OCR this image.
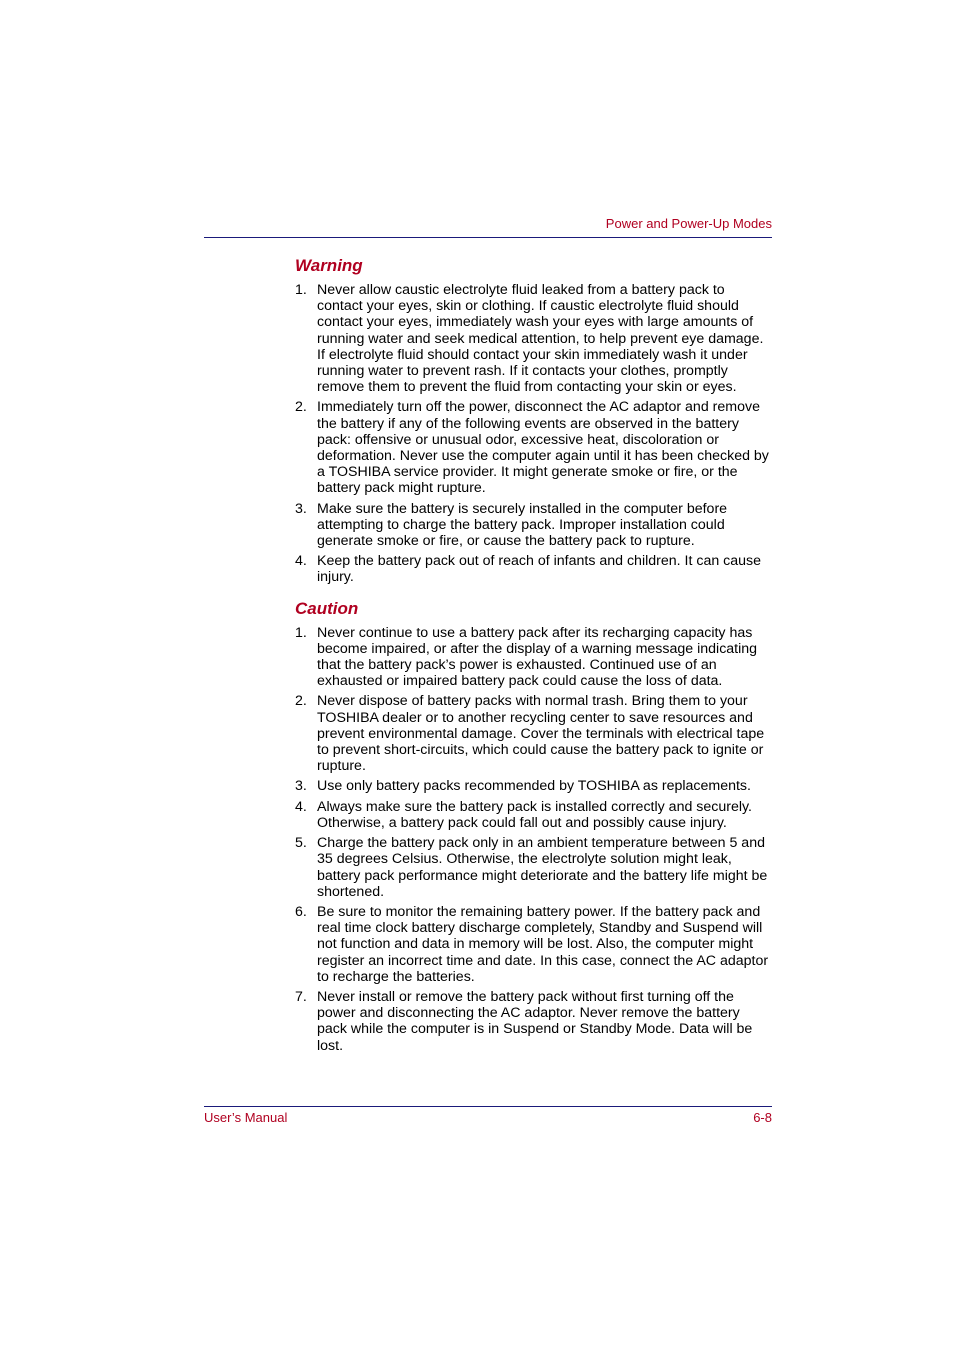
Power and Power-Up Modes
Warning
1. Never allow caustic electrolyte fluid leaked from a battery pack to contact your eyes, skin or clothing. If caustic electrolyte fluid should contact your eyes, immediately wash your eyes with large amounts of running water and seek medical attention, to help prevent eye damage. If electrolyte fluid should contact your skin immediately wash it under running water to prevent rash. If it contacts your clothes, promptly remove them to prevent the fluid from contacting your skin or eyes.
2. Immediately turn off the power, disconnect the AC adaptor and remove the battery if any of the following events are observed in the battery pack: offensive or unusual odor, excessive heat, discoloration or deformation. Never use the computer again until it has been checked by a TOSHIBA service provider. It might generate smoke or fire, or the battery pack might rupture.
3. Make sure the battery is securely installed in the computer before attempting to charge the battery pack. Improper installation could generate smoke or fire, or cause the battery pack to rupture.
4. Keep the battery pack out of reach of infants and children. It can cause injury.
Caution
1. Never continue to use a battery pack after its recharging capacity has become impaired, or after the display of a warning message indicating that the battery pack’s power is exhausted. Continued use of an exhausted or impaired battery pack could cause the loss of data.
2. Never dispose of battery packs with normal trash. Bring them to your TOSHIBA dealer or to another recycling center to save resources and prevent environmental damage. Cover the terminals with electrical tape to prevent short-circuits, which could cause the battery pack to ignite or rupture.
3. Use only battery packs recommended by TOSHIBA as replacements.
4. Always make sure the battery pack is installed correctly and securely. Otherwise, a battery pack could fall out and possibly cause injury.
5. Charge the battery pack only in an ambient temperature between 5 and 35 degrees Celsius. Otherwise, the electrolyte solution might leak, battery pack performance might deteriorate and the battery life might be shortened.
6. Be sure to monitor the remaining battery power. If the battery pack and real time clock battery discharge completely, Standby and Suspend will not function and data in memory will be lost. Also, the computer might register an incorrect time and date. In this case, connect the AC adaptor to recharge the batteries.
7. Never install or remove the battery pack without first turning off the power and disconnecting the AC adaptor. Never remove the battery pack while the computer is in Suspend or Standby Mode. Data will be lost.
User’s Manual	6-8
